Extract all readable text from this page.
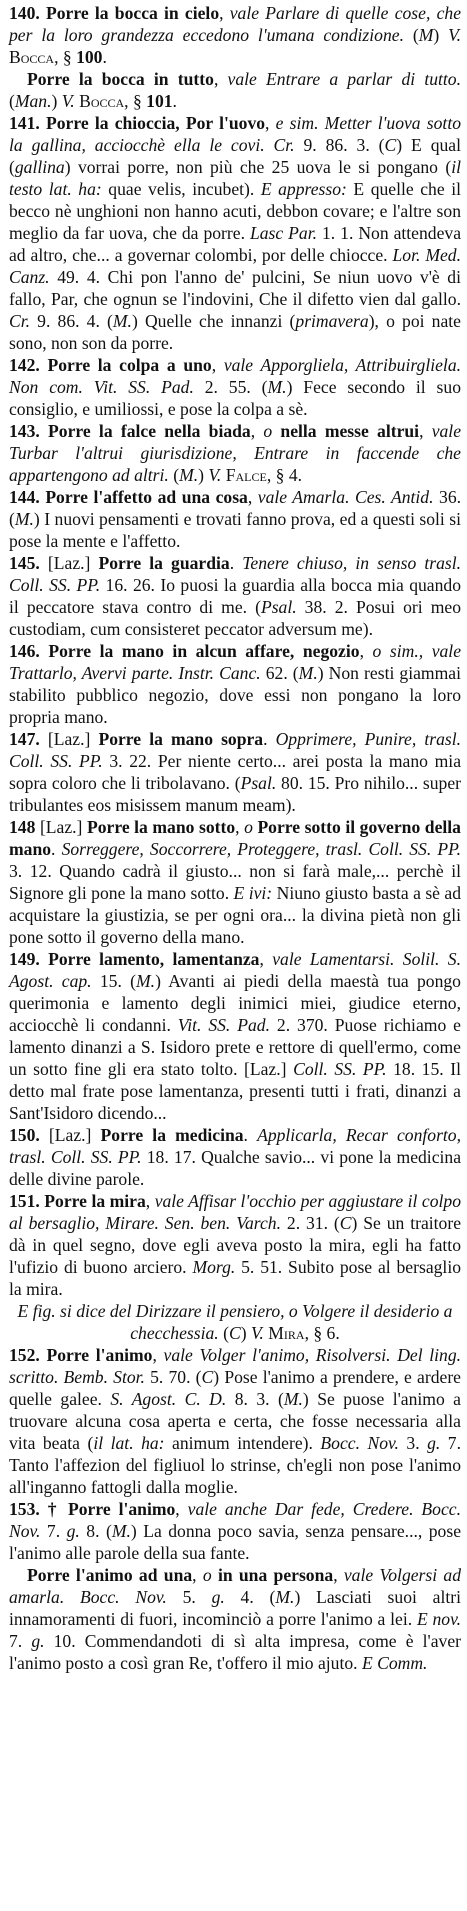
140. Porre la bocca in cielo, vale Parlare di quelle cose, che per la loro grandezza eccedono l'umana condizione. (M) V. Bocca, § 100.

Porre la bocca in tutto, vale Entrare a parlar di tutto. (Man.) V. Bocca, § 101.

141. Porre la chioccia, Por l'uovo, e sim. Metter l'uova sotto la gallina, acciocchè ella le covi. Cr. 9. 86. 3. (C) E qual (gallina) vorrai porre, non più che 25 uova le si pongano (il testo lat. ha: quae velis, incubet). E appresso: E quelle che il becco nè unghioni non hanno acuti, debbon covare; e l'altre son meglio da far uova, che da porre. Lasc Par. 1. 1. Non attendeva ad altro, che... a governar colombi, por delle chiocce. Lor. Med. Canz. 49. 4. Chi pon l'anno de' pulcini, Se niun uovo v'è di fallo, Par, che ognun se l'indovini, Che il difetto vien dal gallo. Cr. 9. 86. 4. (M.) Quelle che innanzi (primavera), o poi nate sono, non son da porre.

142. Porre la colpa a uno, vale Apporgliela, Attribuirgliela. Non com. Vit. SS. Pad. 2. 55. (M.) Fece secondo il suo consiglio, e umiliossi, e pose la colpa a sè.

143. Porre la falce nella biada, o nella messe altrui, vale Turbar l'altrui giurisdizione, Entrare in faccende che appartengono ad altri. (M.) V. Falce, § 4.

144. Porre l'affetto ad una cosa, vale Amarla. Ces. Antid. 36. (M.) I nuovi pensamenti e trovati fanno prova, ed a questi soli si pose la mente e l'affetto.

145. [Laz.] Porre la guardia. Tenere chiuso, in senso trasl. Coll. SS. PP. 16. 26. Io puosi la guardia alla bocca mia quando il peccatore stava contro di me. (Psal. 38. 2. Posui ori meo custodiam, cum consisteret peccator adversum me).

146. Porre la mano in alcun affare, negozio, o sim., vale Trattarlo, Avervi parte. Instr. Canc. 62. (M.) Non resti giammai stabilito pubblico negozio, dove essi non pongano la loro propria mano.

147. [Laz.] Porre la mano sopra. Opprimere, Punire, trasl. Coll. SS. PP. 3. 22. Per niente certo... arei posta la mano mia sopra coloro che li tribolavano. (Psal. 80. 15. Pro nihilo... super tribulantes eos misissem manum meam).

148 [Laz.] Porre la mano sotto, o Porre sotto il governo della mano. Sorreggere, Soccorrere, Proteggere, trasl. Coll. SS. PP. 3. 12. Quando cadrà il giusto... non si farà male,... perchè il Signore gli pone la mano sotto. E ivi: Niuno giusto basta a sè ad acquistare la giustizia, se per ogni ora... la divina pietà non gli pone sotto il governo della mano.

149. Porre lamento, lamentanza, vale Lamentarsi. Solil. S. Agost. cap. 15. (M.) Avanti ai piedi della maestà tua pongo querimonia e lamento degli inimici miei, giudice eterno, acciocchè li condanni. Vit. SS. Pad. 2. 370. Puose richiamo e lamento dinanzi a S. Isidoro prete e rettore di quell'ermo, come un sotto fine gli era stato tolto. [Laz.] Coll. SS. PP. 18. 15. Il detto mal frate pose lamentanza, presenti tutti i frati, dinanzi a Sant'Isidoro dicendo...

150. [Laz.] Porre la medicina. Applicarla, Recar conforto, trasl. Coll. SS. PP. 18. 17. Qualche savio... vi pone la medicina delle divine parole.

151. Porre la mira, vale Affisar l'occhio per aggiustare il colpo al bersaglio, Mirare. Sen. ben. Varch. 2. 31. (C) Se un traitore dà in quel segno, dove egli aveva posto la mira, egli ha fatto l'ufizio di buono arciero. Morg. 5. 51. Subito pose al bersaglio la mira.

E fig. si dice del Dirizzare il pensiero, o Volgere il desiderio a checchessia. (C) V. Mira, § 6.

152. Porre l'animo, vale Volger l'animo, Risolversi. Del ling. scritto. Bemb. Stor. 5. 70. (C) Pose l'animo a prendere, e ardere quelle galee. S. Agost. C. D. 8. 3. (M.) Se puose l'animo a truovare alcuna cosa aperta e certa, che fosse necessaria alla vita beata (il lat. ha: animum intendere). Bocc. Nov. 3. g. 7. Tanto l'affezion del figliuol lo strinse, ch'egli non pose l'animo all'inganno fattogli dalla moglie.

153. † Porre l'animo, vale anche Dar fede, Credere. Bocc. Nov. 7. g. 8. (M.) La donna poco savia, senza pensare..., pose l'animo alle parole della sua fante.

Porre l'animo ad una, o in una persona, vale Volgersi ad amarla. Bocc. Nov. 5. g. 4. (M.) Lasciati suoi altri innamoramenti di fuori, incominciò a porre l'animo a lei. E nov. 7. g. 10. Commendandoti di sì alta impresa, come è l'aver l'animo posto a così gran Re, t'offero il mio ajuto. E Comm.
